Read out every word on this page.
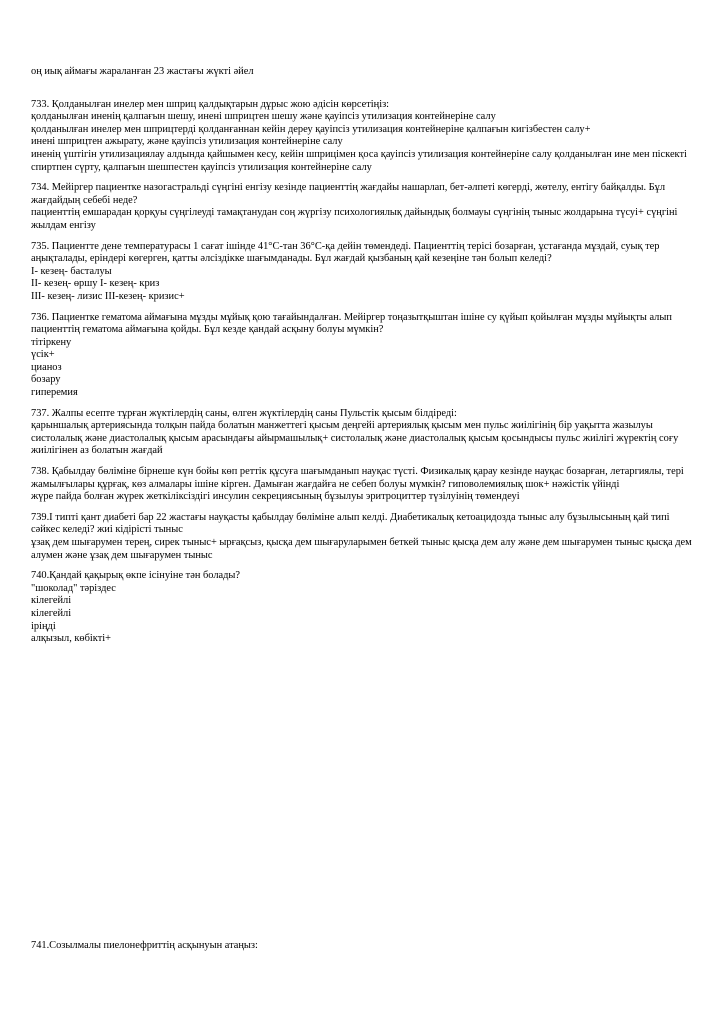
оң иық аймағы жараланған 23 жастағы жүкті әйел
733. Қолданылған инелер мен шприц қалдықтарын дұрыс жою әдісін көрсетіңіз:
қолданылған иненің қалпағын шешу, инені шприцтен шешу және қауіпсіз утилизация контейнеріне салу
қолданылған инелер мен шприцтерді қолданғаннан кейін дереу қауіпсіз утилизация контейнеріне қалпағын кигізбестен салу+
инені шприцтен ажырату, және қауіпсіз утилизация контейнеріне салу
иненің үштігін утилизациялау алдында қайшымен кесу, кейін шприцімен қоса қауіпсіз утилизация контейнеріне салу қолданылған ине мен піскекті спиртпен сүрту, қалпағын шешпестен қауіпсіз утилизация контейнеріне салу
734. Мейіргер пациентке назогастральді сүңгіні енгізу кезінде пациенттің жағдайы нашарлап, бет-әлпеті көгерді, жөтелу, ентігу байқалды. Бұл жағдайдың себебі неде?
пациенттің емшарадан қорқуы сүңгілеуді тамақтанудан соң жүргізу психологиялық дайындық болмауы сүңгінің тыныс жолдарына түсуі+ сүңгіні жылдам енгізу
735. Пациентте дене температурасы 1 сағат ішінде 41°С-тан 36°С-қа дейін төмендеді. Пациенттің терісі бозарған, ұстағанда мұздай, суық тер аңықталады, еріндері көгерген, қатты әлсіздікке шағымданады. Бұл жағдай қызбаның қай кезеңіне тән болып келеді?
І- кезең- басталуы
ІІ- кезең- өршу І- кезең- криз
ІІІ- кезең- лизис ІІІ-кезең- кризис+
736. Пациентке гематома аймағына мұзды мұйық қою тағайындалған. Мейіргер тоңазытқыштан ішіне су қүйып қойылған мұзды мұйықты алып пациенттің гематома аймағына қойды. Бұл кезде қандай асқыну болуы мүмкін?
тітіркену
үсік+
цианоз
бозару
гиперемия
737. Жалпы есепте тұрған жүктілердің саны, өлген жүктілердің саны Пульстік қысым білдіреді:
қарыншалық артериясында толқын пайда болатын манжеттегі қысым деңгейі артериялық қысым мен пульс жиілігінің бір уақытта жазылуы систолалық және диастолалық қысым арасындағы айырмашылық+ систолалық және диастолалық қысым қосындысы пульс жиілігі жүректің соғу жиілігінен аз болатын жағдай
738. Қабылдау бөліміне бірнеше күн бойы көп реттік құсуға шағымданып науқас түсті. Физикалық қарау кезінде науқас бозарған, летаргиялы, тері жамылғылары құрғақ, көз алмалары ішіне кірген. Дамыған жағдайға не себеп болуы мүмкін? гиповолемиялық шок+ нәжістік үйінді
жүре пайда болған жүрек жеткіліксіздігі инсулин секрециясының бұзылуы эритроциттер түзілуінің төмендеуі
739.І типті қант диабеті бар 22 жастағы науқасты қабылдау бөліміне алып келді. Диабетикалық кетоацидозда тыныс алу бұзылысының қай типі сәйкес келеді? жиі кідірісті тыныс
ұзақ дем шығарумен терең, сирек тыныс+ ырғақсыз, қысқа дем шығаруларымен беткей тыныс қысқа дем алу және дем шығарумен тыныс қысқа дем алумен және ұзақ дем шығарумен тыныс
740.Қандай қақырық өкпе ісінуіне тән болады?
"шоколад" тәріздес
кілегейлі
кілегейлі
іріңді
алқызыл, көбікті+
741.Созылмалы пиелонефриттің асқынуын атаңыз:
